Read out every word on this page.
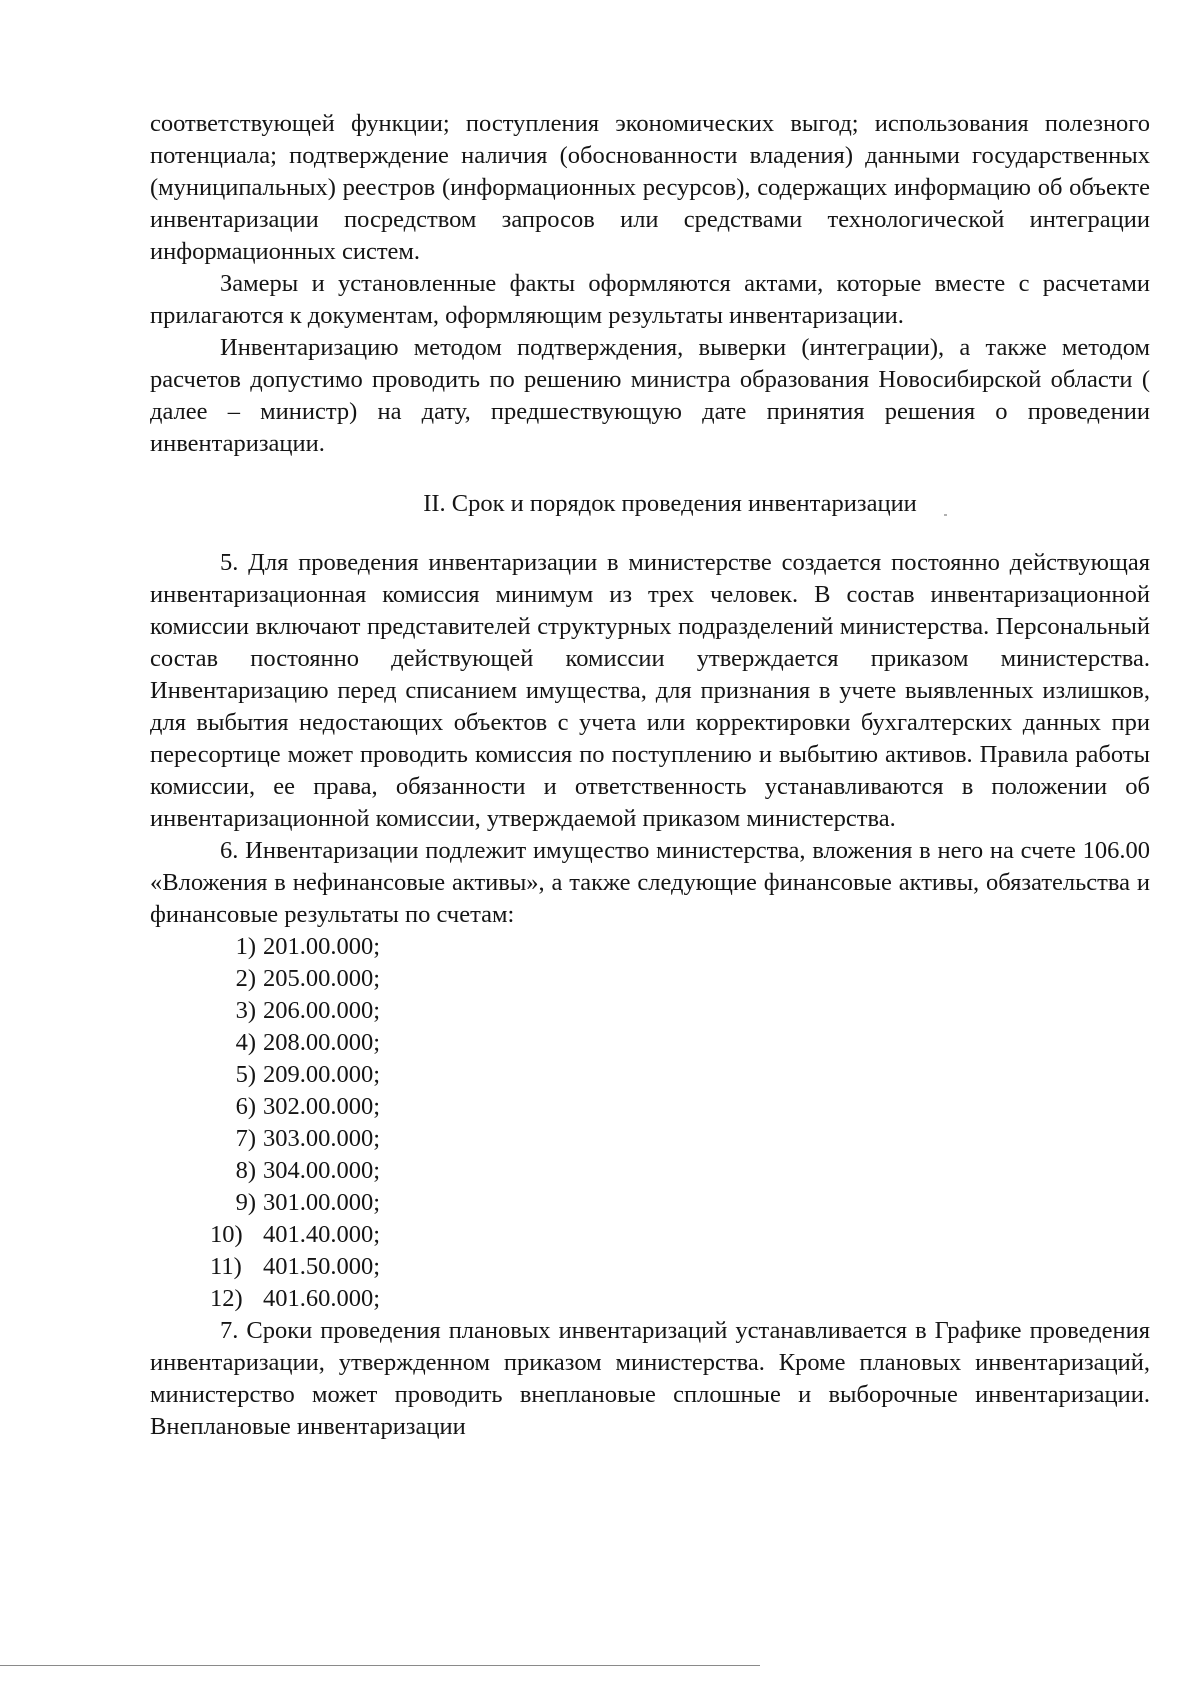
соответствующей функции; поступления экономических выгод; использования полезного потенциала; подтверждение наличия (обоснованности владения) данными государственных (муниципальных) реестров (информационных ресурсов), содержащих информацию об объекте инвентаризации посредством запросов или средствами технологической интеграции информационных систем.

Замеры и установленные факты оформляются актами, которые вместе с расчетами прилагаются к документам, оформляющим результаты инвентаризации.

Инвентаризацию методом подтверждения, выверки (интеграции), а также методом расчетов допустимо проводить по решению министра образования Новосибирской области ( далее – министр) на дату, предшествующую дате принятия решения о проведении инвентаризации.

II. Срок и порядок проведения инвентаризации

5. Для проведения инвентаризации в министерстве создается постоянно действующая инвентаризационная комиссия минимум из трех человек. В состав инвентаризационной комиссии включают представителей структурных подразделений министерства. Персональный состав постоянно действующей комиссии утверждается приказом министерства. Инвентаризацию перед списанием имущества, для признания в учете выявленных излишков, для выбытия недостающих объектов с учета или корректировки бухгалтерских данных при пересортице может проводить комиссия по поступлению и выбытию активов. Правила работы комиссии, ее права, обязанности и ответственность устанавливаются в положении об инвентаризационной комиссии, утверждаемой приказом министерства.

6. Инвентаризации подлежит имущество министерства, вложения в него на счете 106.00 «Вложения в нефинансовые активы», а также следующие финансовые активы, обязательства и финансовые результаты по счетам:

1) 201.00.000;
2) 205.00.000;
3) 206.00.000;
4) 208.00.000;
5) 209.00.000;
6) 302.00.000;
7) 303.00.000;
8) 304.00.000;
9) 301.00.000;
10) 401.40.000;
11) 401.50.000;
12) 401.60.000;

7. Сроки проведения плановых инвентаризаций устанавливается в Графике проведения инвентаризации, утвержденном приказом министерства. Кроме плановых инвентаризаций, министерство может проводить внеплановые сплошные и выборочные инвентаризации. Внеплановые инвентаризации
